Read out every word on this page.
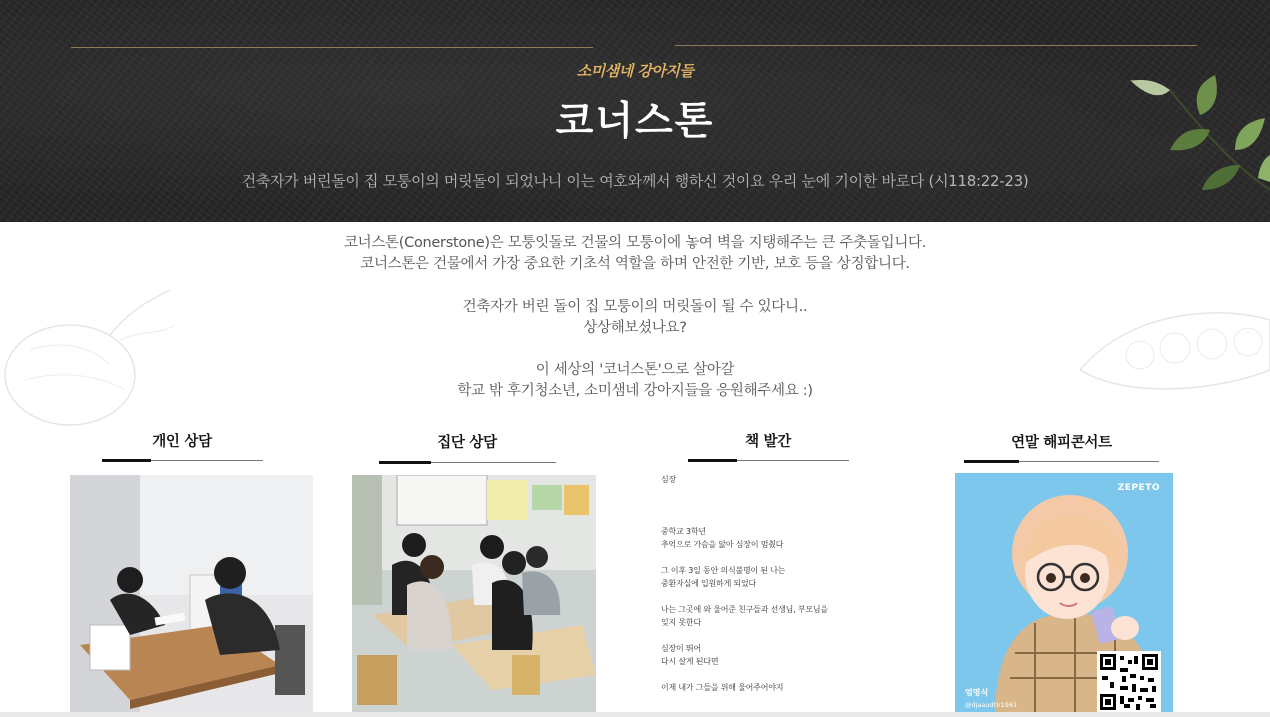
소미샘네 강아지들
코너스톤

건축자가 버린돌이 집 모퉁이의 머릿돌이 되었나니 이는 여호와께서 행하신 것이요 우리 눈에 기이한 바로다 (시118:22-23)

코너스톤(Conerstone)은 모퉁잇돌로 건물의 모퉁이에 놓여 벽을 지탱해주는 큰 주춧돌입니다.

코너스톤은 건물에서 가장 중요한 기초석 역할을 하며 안전한 기반, 보호 등을 상징합니다.

건축자가 버린 돌이 집 모퉁이의 머릿돌이 될 수 있다니..

상상해보셨나요?

이 세상의 '코너스톤'으로 살아갈

학교 밖 후기청소년, 소미샘네 강아지들을 응원해주세요 :)

개인 상담	집단 상담	책 발간
심장

중학교 3학년
추억으로 가슴을 앓아 심장이 멈췄다

그 이후 3일 동안 의식불명이 된 나는
중환자실에 입원하게 되었다

나는 그곳에 와 울어준 친구들과 선생님, 부모님을
잊지 못한다

심장이 뛰어
다시 살게 된다면

이제 내가 그들을 위해 울어주어야지
연말 해피콘서트
ZEPETO
엄명식
@djaaudtlr1961
